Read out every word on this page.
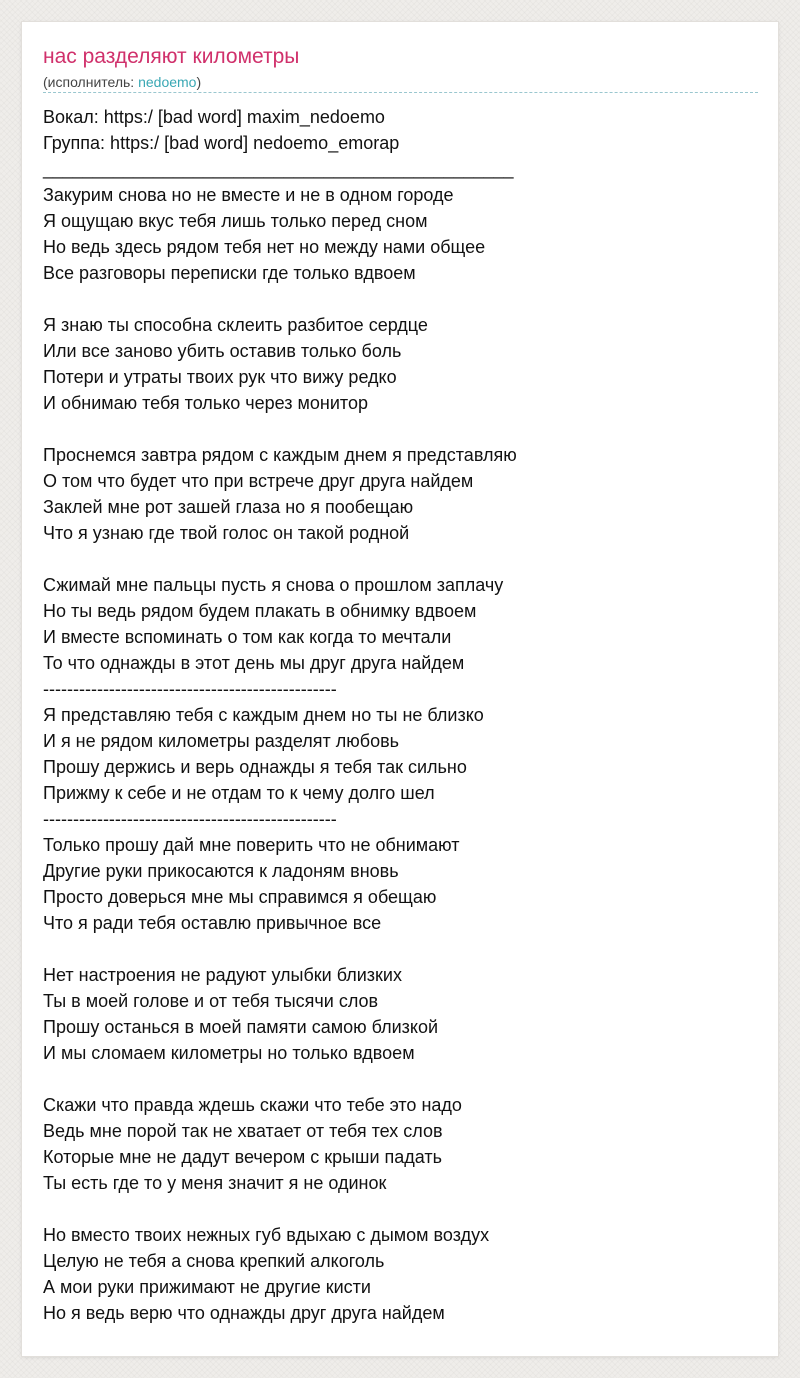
нас разделяют километры
(исполнитель: nedoemo)
Вокал: https:/ [bad word] maxim_nedoemo
Группа: https:/ [bad word] nedoemo_emorap
_______________________________________________
Закурим снова но не вместе и не в одном городе
Я ощущаю вкус тебя лишь только перед сном
Но ведь здесь рядом тебя нет но между нами общее
Все разговоры переписки где только вдвоем
Я знаю ты способна склеить разбитое сердце
Или все заново убить оставив только боль
Потери и утраты твоих рук что вижу редко
И обнимаю тебя только через монитор
Проснемся завтра рядом с каждым днем я представляю
О том что будет что при встрече друг друга найдем
Заклей мне рот зашей глаза но я пообещаю
Что я узнаю где твой голос он такой родной
Сжимай мне пальцы пусть я снова о прошлом заплачу
Но ты ведь рядом будем плакать в обнимку вдвоем
И вместе вспоминать о том как когда то мечтали
То что однажды в этот день мы друг друга найдем
-------------------------------------------------
Я представляю тебя с каждым днем но ты не близко
И я не рядом километры разделят любовь
Прошу держись и верь однажды я тебя так сильно
Прижму к себе и не отдам то к чему долго шел
-------------------------------------------------
Только прошу дай мне поверить что не обнимают
Другие руки прикосаются к ладоням вновь
Просто доверься мне мы справимся я обещаю
Что я ради тебя оставлю привычное все
Нет настроения не радуют улыбки близких
Ты в моей голове и от тебя тысячи слов
Прошу останься в моей памяти самою близкой
И мы сломаем километры но только вдвоем
Скажи что правда ждешь скажи что тебе это надо
Ведь мне порой так не хватает от тебя тех слов
Которые мне не дадут вечером с крыши падать
Ты есть где то у меня значит я не одинок
Но вместо твоих нежных губ вдыхаю с дымом воздух
Целую не тебя а снова крепкий алкоголь
А мои руки прижимают не другие кисти
Но я ведь верю что однажды друг друга найдем
